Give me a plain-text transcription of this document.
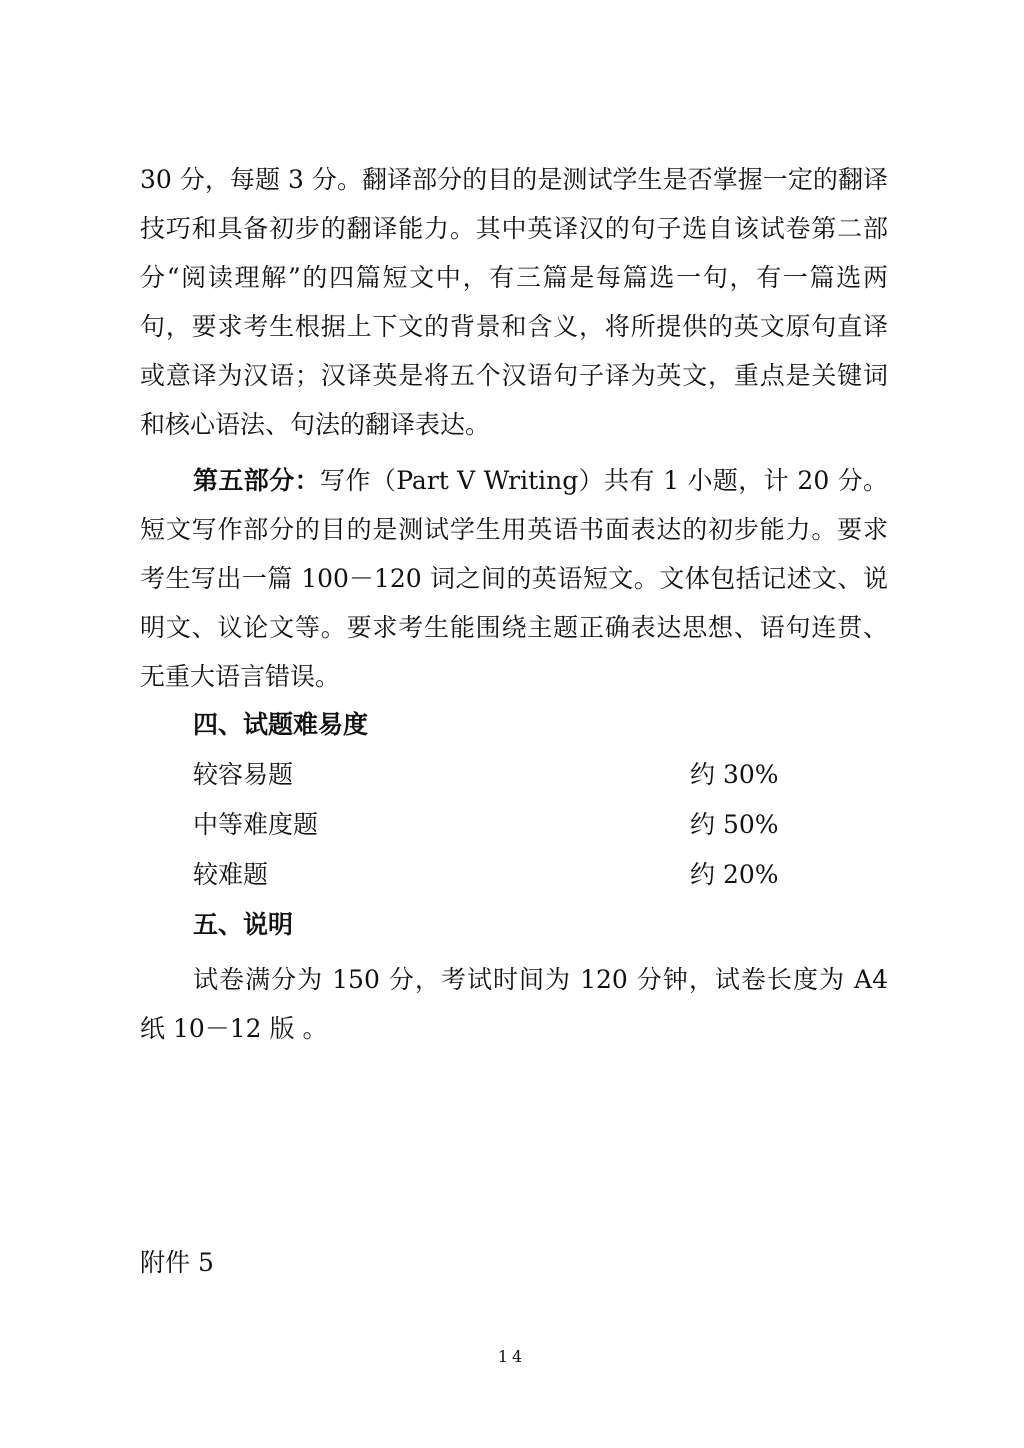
30 分，每题 3 分。翻译部分的目的是测试学生是否掌握一定的翻译技巧和具备初步的翻译能力。其中英译汉的句子选自该试卷第二部分“阅读理解”的四篇短文中，有三篇是每篇选一句，有一篇选两句，要求考生根据上下文的背景和含义，将所提供的英文原句直译或意译为汉语；汉译英是将五个汉语句子译为英文，重点是关键词和核心语法、句法的翻译表达。

第五部分：写作（Part V Writing）共有 1 小题，计 20 分。短文写作部分的目的是测试学生用英语书面表达的初步能力。要求考生写出一篇 100－120 词之间的英语短文。文体包括记述文、说明文、议论文等。要求考生能围绕主题正确表达思想、语句连贯、无重大语言错误。

四、试题难易度
较容易题	约 30%
中等难度题	约 50%
较难题	约 20%
五、说明

试卷满分为 150 分，考试时间为 120 分钟，试卷长度为 A4 纸 10－12 版 。

附件 5
14
